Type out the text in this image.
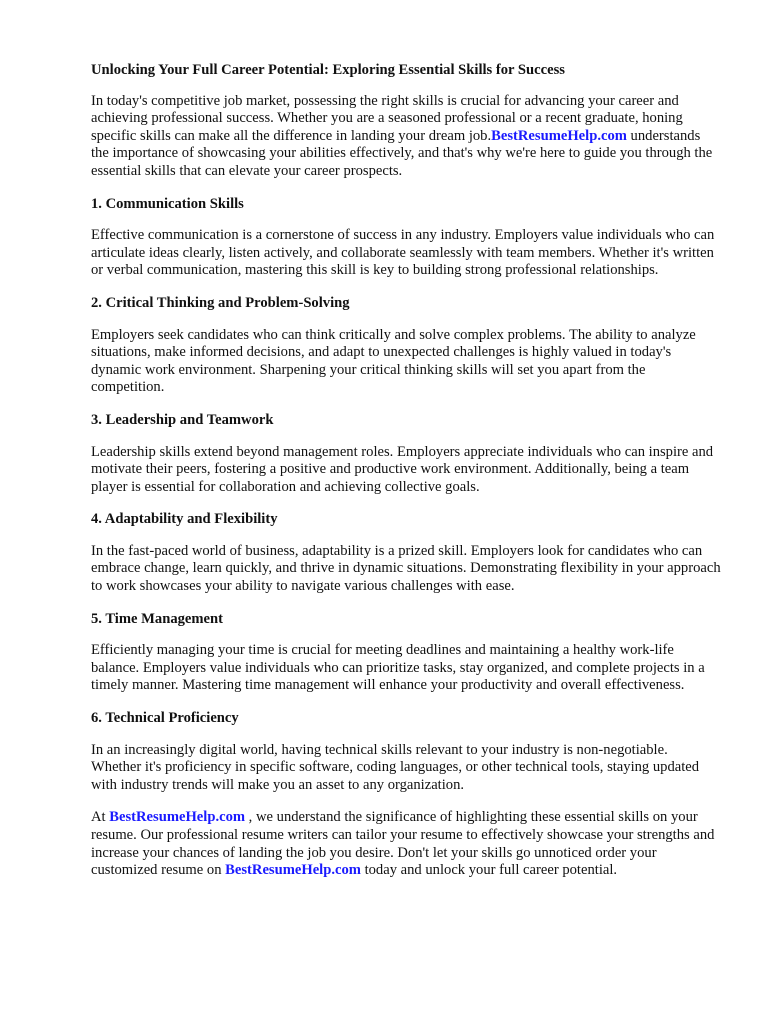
Unlocking Your Full Career Potential: Exploring Essential Skills for Success

In today's competitive job market, possessing the right skills is crucial for advancing your career and achieving professional success. Whether you are a seasoned professional or a recent graduate, honing specific skills can make all the difference in landing your dream job.BestResumeHelp.com understands the importance of showcasing your abilities effectively, and that's why we're here to guide you through the essential skills that can elevate your career prospects.

1. Communication Skills

Effective communication is a cornerstone of success in any industry. Employers value individuals who can articulate ideas clearly, listen actively, and collaborate seamlessly with team members. Whether it's written or verbal communication, mastering this skill is key to building strong professional relationships.

2. Critical Thinking and Problem-Solving

Employers seek candidates who can think critically and solve complex problems. The ability to analyze situations, make informed decisions, and adapt to unexpected challenges is highly valued in today's dynamic work environment. Sharpening your critical thinking skills will set you apart from the competition.

3. Leadership and Teamwork

Leadership skills extend beyond management roles. Employers appreciate individuals who can inspire and motivate their peers, fostering a positive and productive work environment. Additionally, being a team player is essential for collaboration and achieving collective goals.

4. Adaptability and Flexibility

In the fast-paced world of business, adaptability is a prized skill. Employers look for candidates who can embrace change, learn quickly, and thrive in dynamic situations. Demonstrating flexibility in your approach to work showcases your ability to navigate various challenges with ease.

5. Time Management

Efficiently managing your time is crucial for meeting deadlines and maintaining a healthy work-life balance. Employers value individuals who can prioritize tasks, stay organized, and complete projects in a timely manner. Mastering time management will enhance your productivity and overall effectiveness.

6. Technical Proficiency

In an increasingly digital world, having technical skills relevant to your industry is non-negotiable. Whether it's proficiency in specific software, coding languages, or other technical tools, staying updated with industry trends will make you an asset to any organization.

At BestResumeHelp.com , we understand the significance of highlighting these essential skills on your resume. Our professional resume writers can tailor your resume to effectively showcase your strengths and increase your chances of landing the job you desire. Don't let your skills go unnoticed order your customized resume on BestResumeHelp.com today and unlock your full career potential.
